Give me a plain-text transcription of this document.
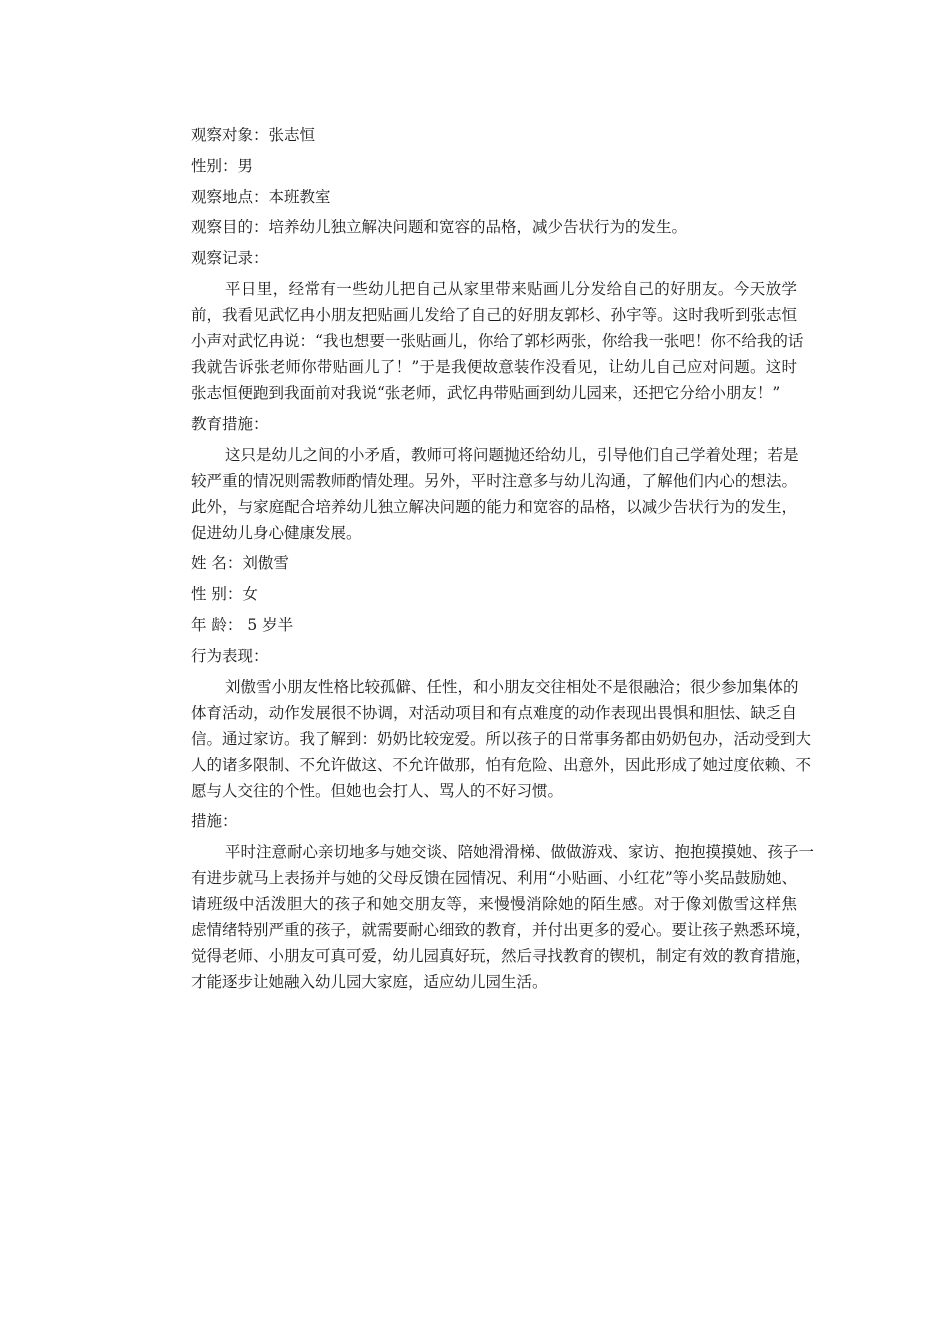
观察对象：张志恒
性别：男
观察地点：本班教室
观察目的：培养幼儿独立解决问题和宽容的品格，减少告状行为的发生。
观察记录：
平日里，经常有一些幼儿把自己从家里带来贴画儿分发给自己的好朋友。今天放学
前，我看见武忆冉小朋友把贴画儿发给了自己的好朋友郭杉、孙宇等。这时我听到张志恒
小声对武忆冉说：“我也想要一张贴画儿，你给了郭杉两张，你给我一张吧！你不给我的话
我就告诉张老师你带贴画儿了！”于是我便故意装作没看见，让幼儿自己应对问题。这时
张志恒便跑到我面前对我说“张老师，武忆冉带贴画到幼儿园来，还把它分给小朋友！”
教育措施：
这只是幼儿之间的小矛盾，教师可将问题抛还给幼儿，引导他们自己学着处理；若是
较严重的情况则需教师酌情处理。另外，平时注意多与幼儿沟通，了解他们内心的想法。
此外，与家庭配合培养幼儿独立解决问题的能力和宽容的品格，以减少告状行为的发生，
促进幼儿身心健康发展。
姓 名：刘傲雪
性 别：女
年 龄： 5 岁半
行为表现：
刘傲雪小朋友性格比较孤僻、任性，和小朋友交往相处不是很融洽；很少参加集体的
体育活动，动作发展很不协调，对活动项目和有点难度的动作表现出畏惧和胆怯、缺乏自
信。通过家访。我了解到：奶奶比较宠爱。所以孩子的日常事务都由奶奶包办，活动受到大
人的诸多限制、不允许做这、不允许做那，怕有危险、出意外，因此形成了她过度依赖、不
愿与人交往的个性。但她也会打人、骂人的不好习惯。
措施：
平时注意耐心亲切地多与她交谈、陪她滑滑梯、做做游戏、家访、抱抱摸摸她、孩子一
有进步就马上表扬并与她的父母反馈在园情况、利用“小贴画、小红花”等小奖品鼓励她、
请班级中活泼胆大的孩子和她交朋友等，来慢慢消除她的陌生感。对于像刘傲雪这样焦
虑情绪特别严重的孩子，就需要耐心细致的教育，并付出更多的爱心。要让孩子熟悉环境，
觉得老师、小朋友可真可爱，幼儿园真好玩，然后寻找教育的锲机，制定有效的教育措施，
才能逐步让她融入幼儿园大家庭，适应幼儿园生活。
